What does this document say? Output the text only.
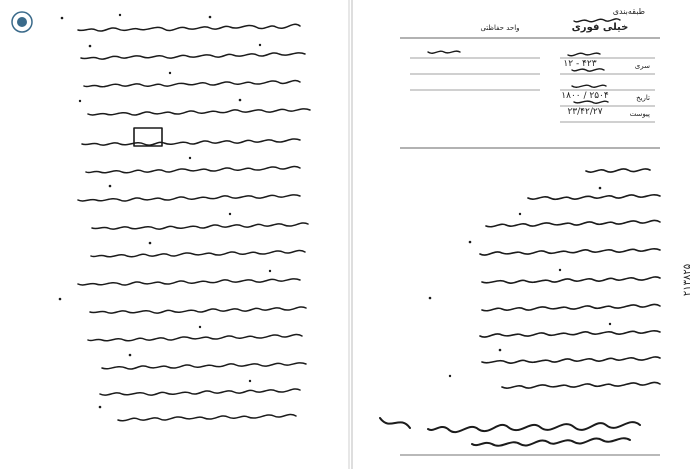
طبقه‌بندی
خیلی فوری
واحد حفاظتی
سری
تاریخ
پیوست
۱۲ - ۴۲۳
۲۳/۴۲/۲۷
۱۸۰۰ / ۲۵۰۴
۲۱۳۸۲۵
